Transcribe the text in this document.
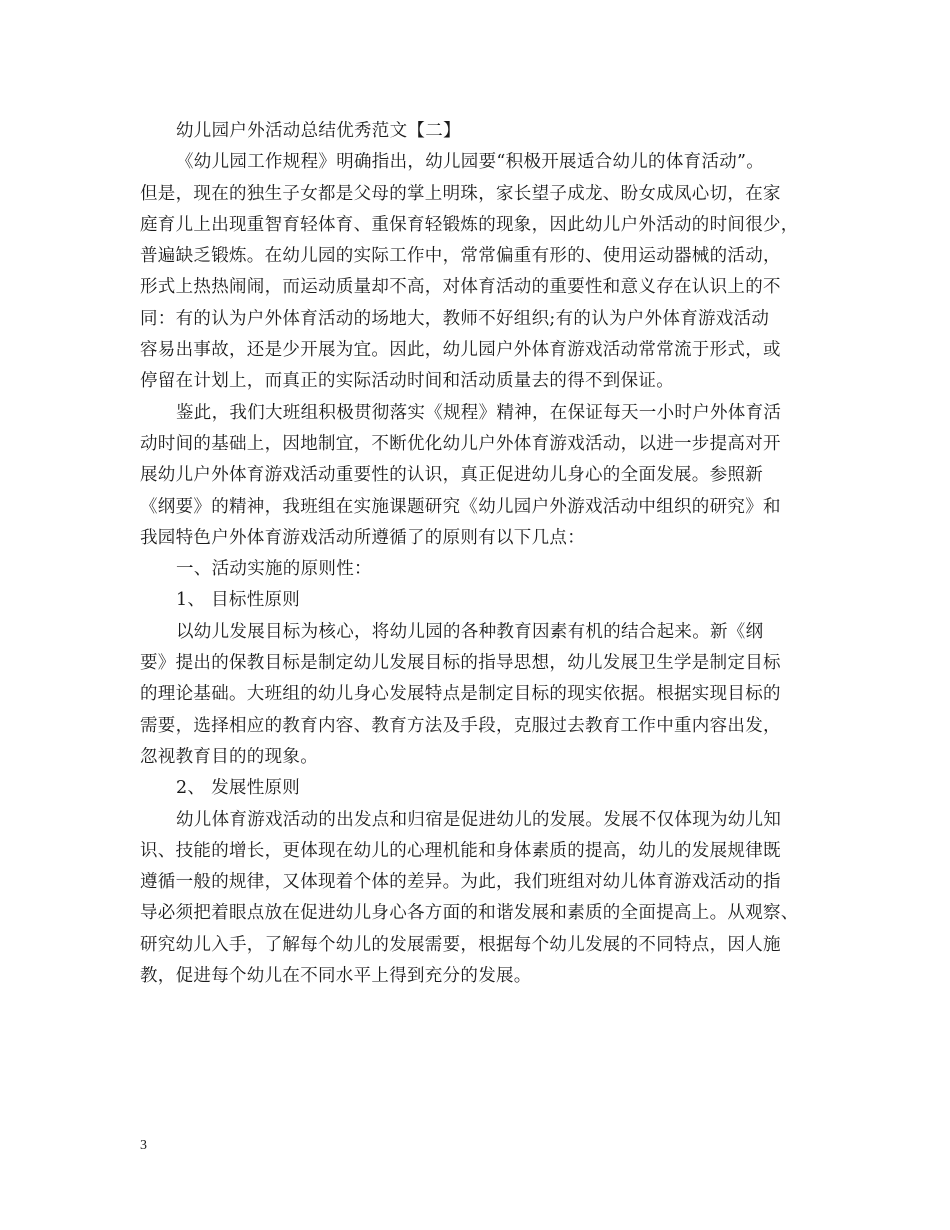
幼儿园户外活动总结优秀范文【二】
《幼儿园工作规程》明确指出，幼儿园要“积极开展适合幼儿的体育活动”。
但是，现在的独生子女都是父母的掌上明珠，家长望子成龙、盼女成凤心切，在家
庭育儿上出现重智育轻体育、重保育轻锻炼的现象，因此幼儿户外活动的时间很少，
普遍缺乏锻炼。在幼儿园的实际工作中，常常偏重有形的、使用运动器械的活动，
形式上热热闹闹，而运动质量却不高，对体育活动的重要性和意义存在认识上的不
同：有的认为户外体育活动的场地大，教师不好组织;有的认为户外体育游戏活动
容易出事故，还是少开展为宜。因此，幼儿园户外体育游戏活动常常流于形式，或
停留在计划上，而真正的实际活动时间和活动质量去的得不到保证。
鉴此，我们大班组积极贯彻落实《规程》精神，在保证每天一小时户外体育活
动时间的基础上，因地制宜，不断优化幼儿户外体育游戏活动，以进一步提高对开
展幼儿户外体育游戏活动重要性的认识，真正促进幼儿身心的全面发展。参照新
《纲要》的精神，我班组在实施课题研究《幼儿园户外游戏活动中组织的研究》和
我园特色户外体育游戏活动所遵循了的原则有以下几点：
一、活动实施的原则性：
1、 目标性原则
以幼儿发展目标为核心，将幼儿园的各种教育因素有机的结合起来。新《纲
要》提出的保教目标是制定幼儿发展目标的指导思想，幼儿发展卫生学是制定目标
的理论基础。大班组的幼儿身心发展特点是制定目标的现实依据。根据实现目标的
需要，选择相应的教育内容、教育方法及手段，克服过去教育工作中重内容出发，
忽视教育目的的现象。
2、 发展性原则
幼儿体育游戏活动的出发点和归宿是促进幼儿的发展。发展不仅体现为幼儿知
识、技能的增长，更体现在幼儿的心理机能和身体素质的提高，幼儿的发展规律既
遵循一般的规律，又体现着个体的差异。为此，我们班组对幼儿体育游戏活动的指
导必须把着眼点放在促进幼儿身心各方面的和谐发展和素质的全面提高上。从观察、
研究幼儿入手，了解每个幼儿的发展需要，根据每个幼儿发展的不同特点，因人施
教，促进每个幼儿在不同水平上得到充分的发展。
3
